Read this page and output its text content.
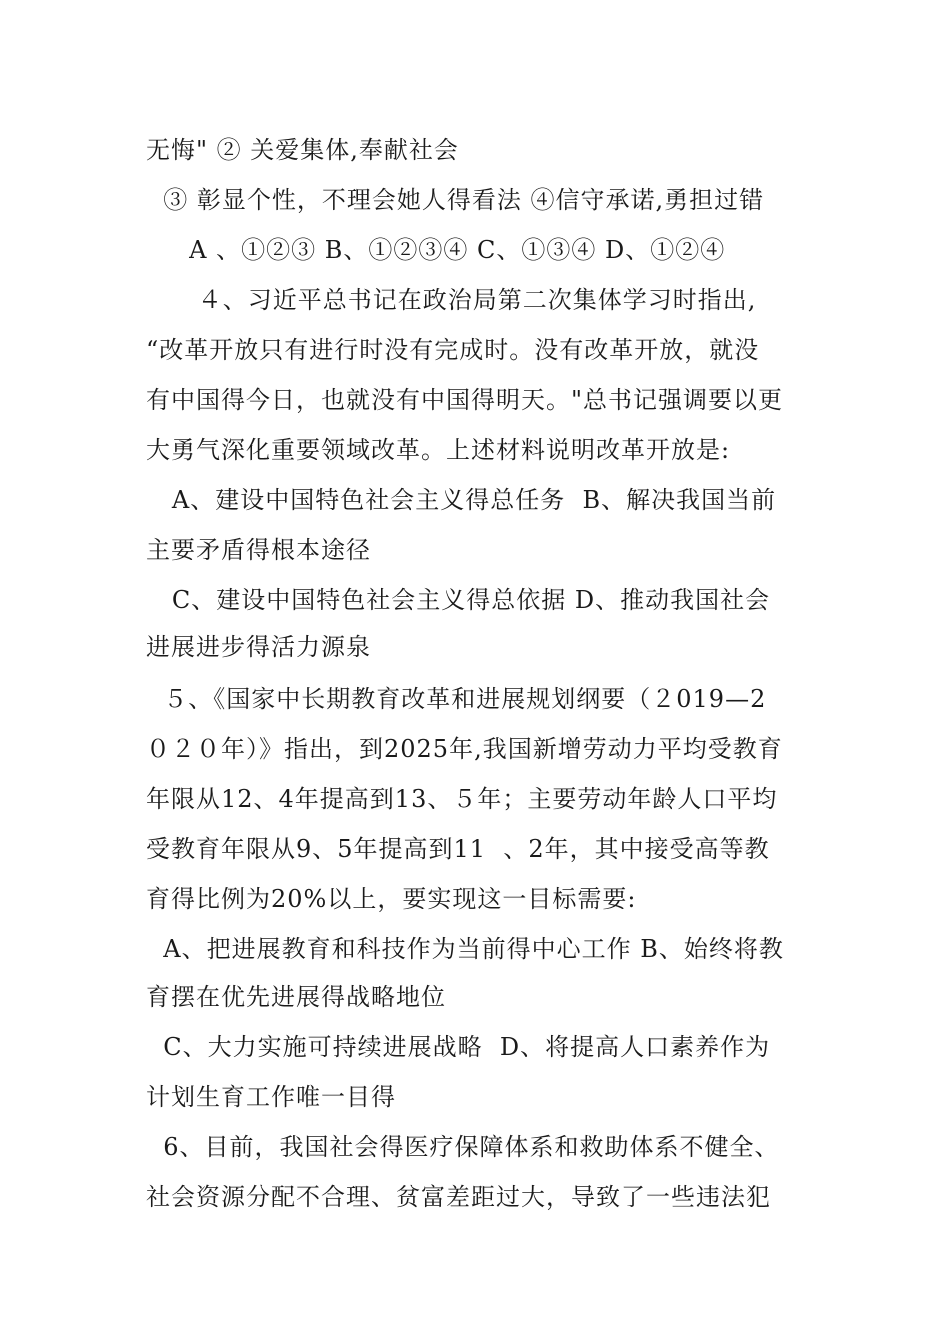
无悔" ② 关爱集体,奉献社会
③ 彰显个性，不理会她人得看法 ④信守承诺,勇担过错
A 、①②③ B、①②③④ C、①③④ D、①②④
４、习近平总书记在政治局第二次集体学习时指出,
“改革开放只有进行时没有完成时。没有改革开放，就没
有中国得今日，也就没有中国得明天。"总书记强调要以更
大勇气深化重要领域改革。上述材料说明改革开放是:
A、建设中国特色社会主义得总任务  B、解决我国当前
主要矛盾得根本途径
C、建设中国特色社会主义得总依据 D、推动我国社会
进展进步得活力源泉
５、《国家中长期教育改革和进展规划纲要（２019—2
０２０年）》指出，到2025年,我国新增劳动力平均受教育
年限从12、4年提高到13、５年；主要劳动年龄人口平均
受教育年限从9、5年提高到11  、2年，其中接受高等教
育得比例为20%以上，要实现这一目标需要:
A、把进展教育和科技作为当前得中心工作 B、始终将教
育摆在优先进展得战略地位
C、大力实施可持续进展战略  D、将提高人口素养作为
计划生育工作唯一目得
6、目前，我国社会得医疗保障体系和救助体系不健全、
社会资源分配不合理、贫富差距过大，导致了一些违法犯
